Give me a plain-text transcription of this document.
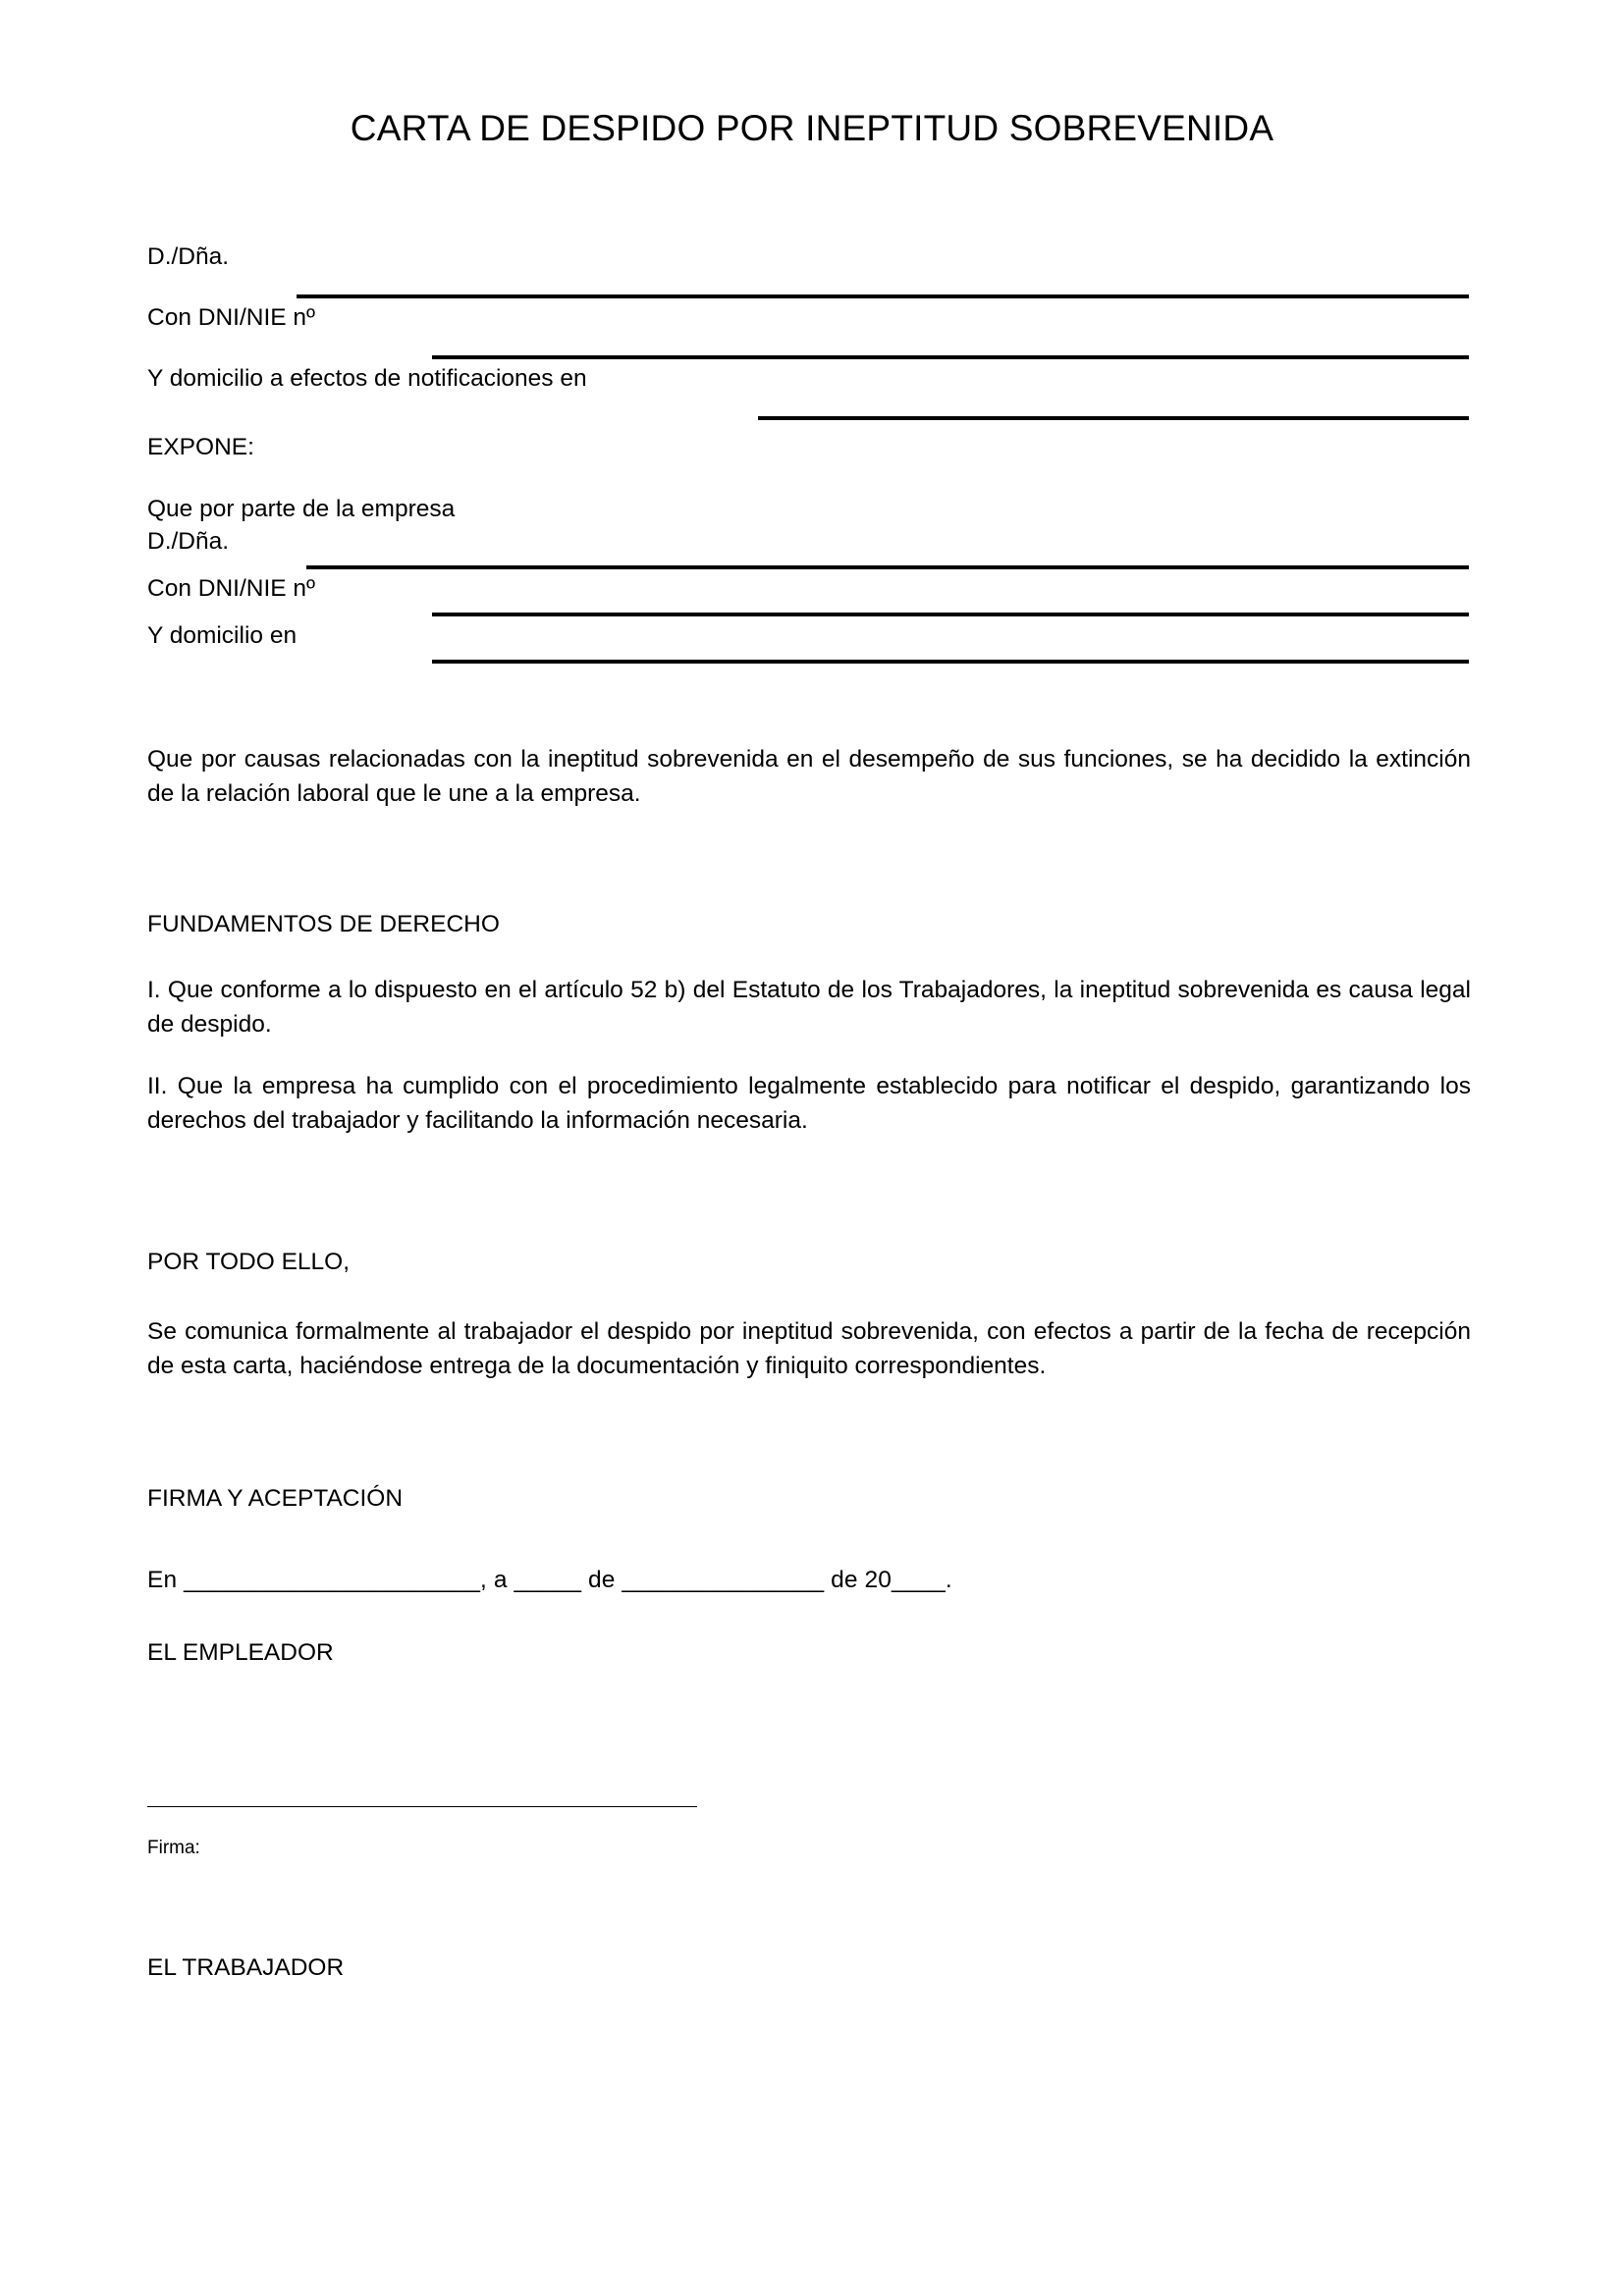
CARTA DE DESPIDO POR INEPTITUD SOBREVENIDA
D./Dña.
Con DNI/NIE nº
Y domicilio a efectos de notificaciones en
EXPONE:
Que por parte de la empresa
D./Dña.
Con DNI/NIE nº
Y domicilio en
Que por causas relacionadas con la ineptitud sobrevenida en el desempeño de sus funciones, se ha decidido la extinción de la relación laboral que le une a la empresa.
FUNDAMENTOS DE DERECHO
I. Que conforme a lo dispuesto en el artículo 52 b) del Estatuto de los Trabajadores, la ineptitud sobrevenida es causa legal de despido.
II. Que la empresa ha cumplido con el procedimiento legalmente establecido para notificar el despido, garantizando los derechos del trabajador y facilitando la información necesaria.
POR TODO ELLO,
Se comunica formalmente al trabajador el despido por ineptitud sobrevenida, con efectos a partir de la fecha de recepción de esta carta, haciéndose entrega de la documentación y finiquito correspondientes.
FIRMA Y ACEPTACIÓN
En ______________________, a _____ de _______________ de 20____.
EL EMPLEADOR
Firma:
EL TRABAJADOR
